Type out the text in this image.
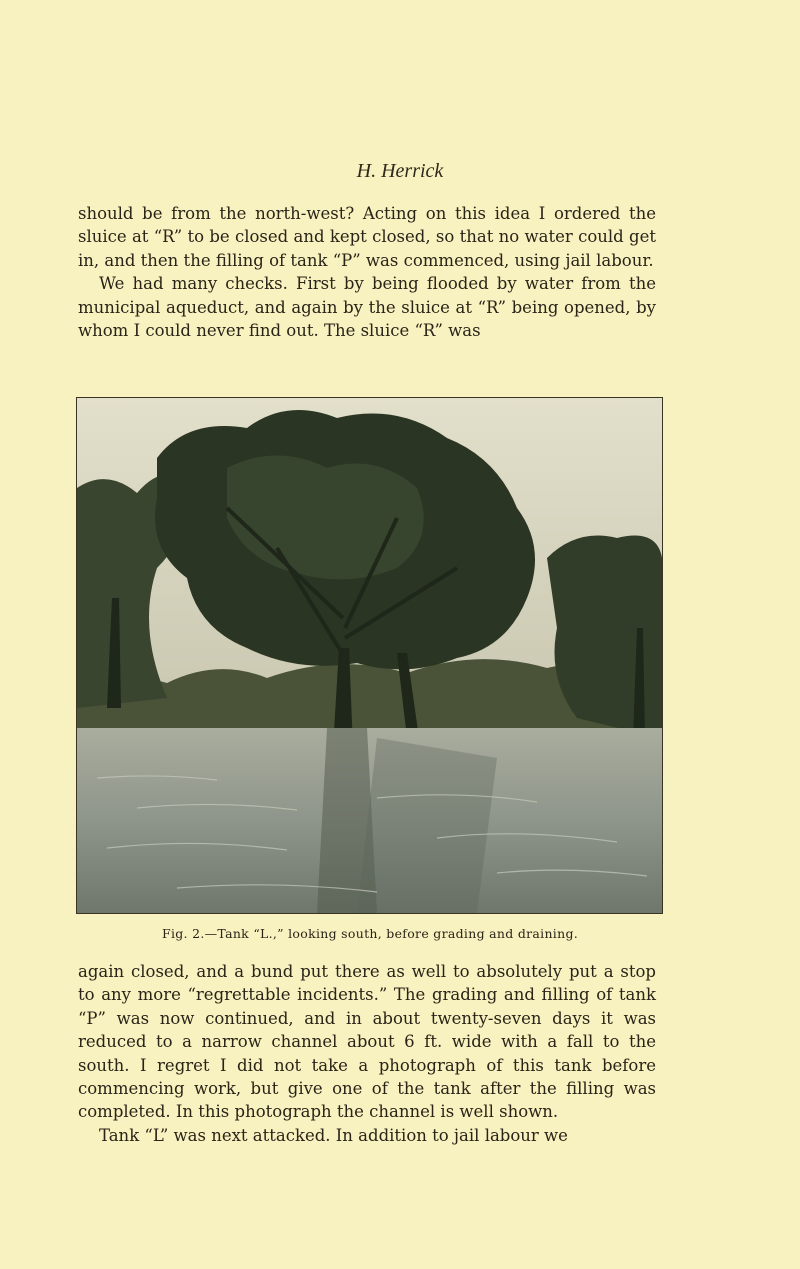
H. Herrick

should be from the north-west? Acting on this idea I ordered the sluice at “R” to be closed and kept closed, so that no water could get in, and then the filling of tank “P” was commenced, using jail labour.

We had many checks. First by being flooded by water from the municipal aqueduct, and again by the sluice at “R” being opened, by whom I could never find out. The sluice “R” was

Fig. 2.—Tank “L.,” looking south, before grading and draining.

again closed, and a bund put there as well to absolutely put a stop to any more “regrettable incidents.” The grading and filling of tank “P” was now continued, and in about twenty-seven days it was reduced to a narrow channel about 6 ft. wide with a fall to the south. I regret I did not take a photograph of this tank before commencing work, but give one of the tank after the filling was completed. In this photograph the channel is well shown.

Tank “L” was next attacked. In addition to jail labour we
